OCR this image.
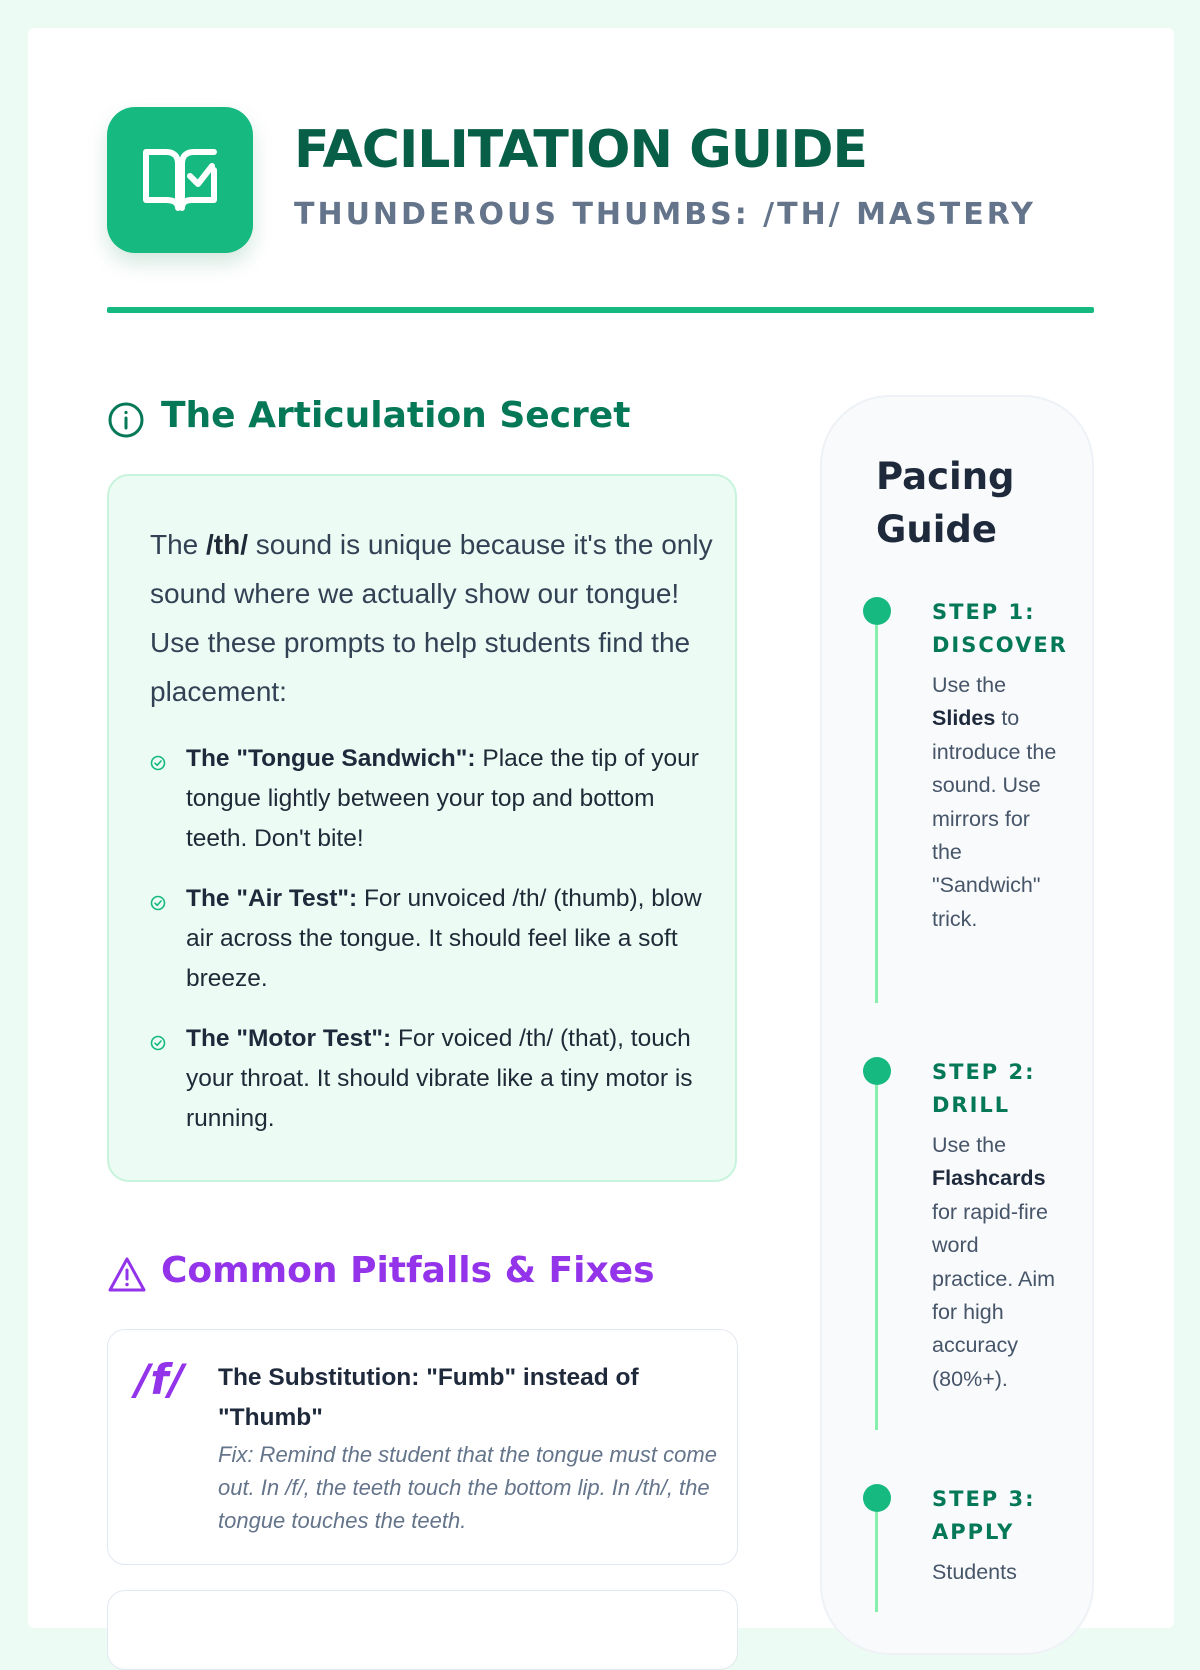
FACILITATION GUIDE
THUNDEROUS THUMBS: /TH/ MASTERY
The Articulation Secret
The /th/ sound is unique because it's the only sound where we actually show our tongue! Use these prompts to help students find the placement:
The "Tongue Sandwich": Place the tip of your tongue lightly between your top and bottom teeth. Don't bite!
The "Air Test": For unvoiced /th/ (thumb), blow air across the tongue. It should feel like a soft breeze.
The "Motor Test": For voiced /th/ (that), touch your throat. It should vibrate like a tiny motor is running.
Common Pitfalls & Fixes
/f/ The Substitution: "Fumb" instead of "Thumb"
Fix: Remind the student that the tongue must come out. In /f/, the teeth touch the bottom lip. In /th/, the tongue touches the teeth.
Pacing Guide
STEP 1: DISCOVER
Use the Slides to introduce the sound. Use mirrors for the "Sandwich" trick.
STEP 2: DRILL
Use the Flashcards for rapid-fire word practice. Aim for high accuracy (80%+).
STEP 3: APPLY
Students
